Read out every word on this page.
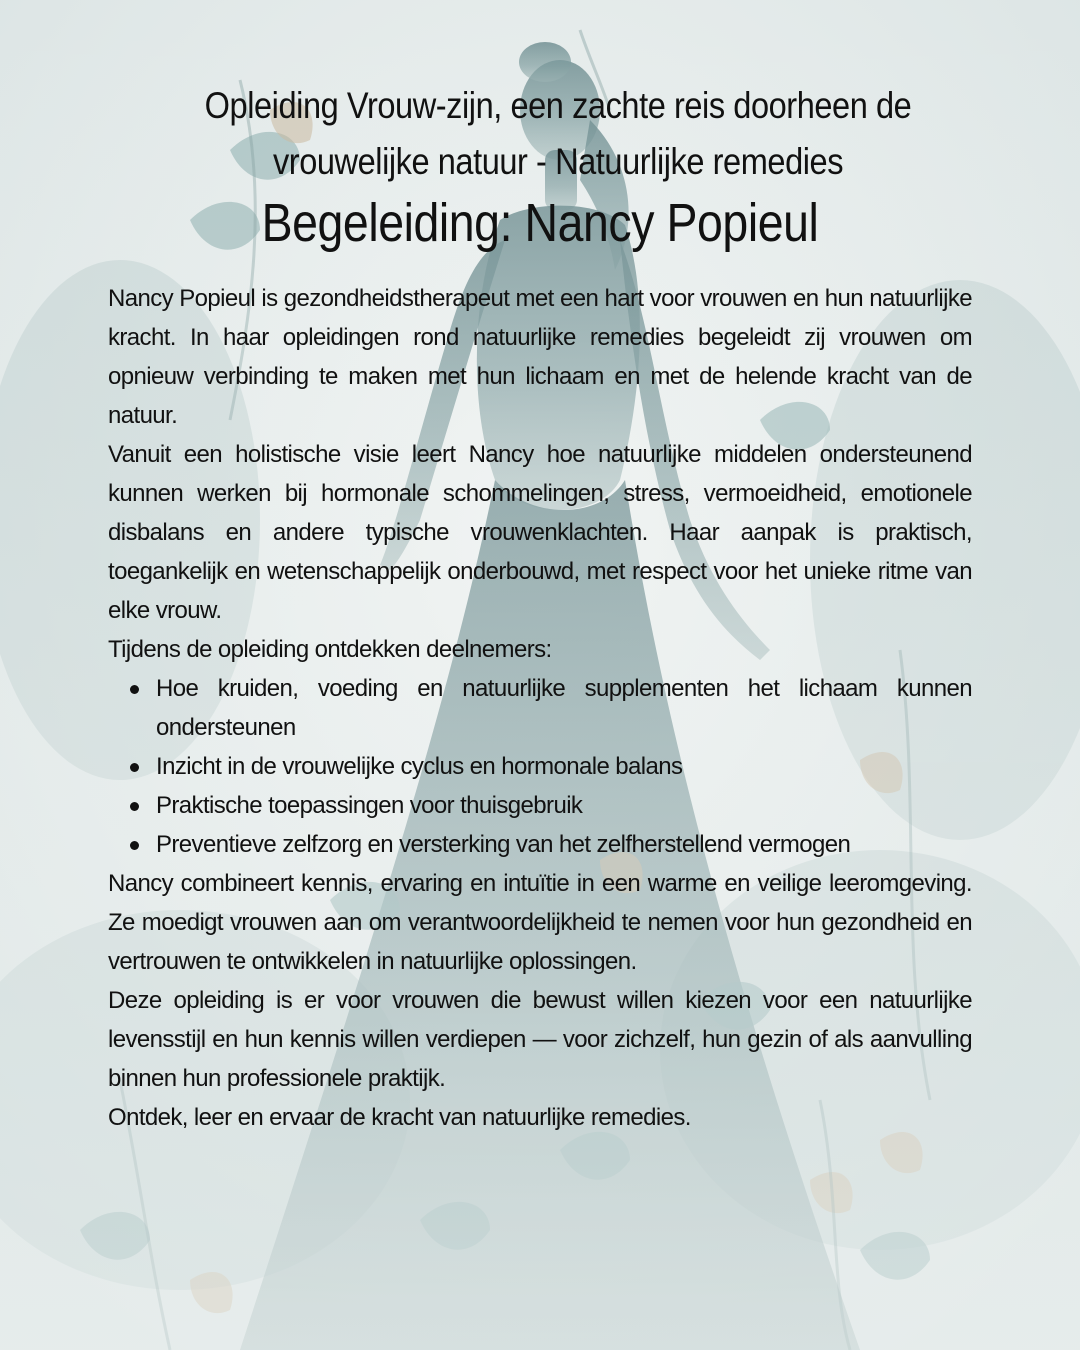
Opleiding Vrouw-zijn, een zachte reis doorheen de vrouwelijke natuur - Natuurlijke remedies
Begeleiding: Nancy Popieul

Nancy Popieul is gezondheidstherapeut met een hart voor vrouwen en hun natuurlijke kracht. In haar opleidingen rond natuurlijke remedies begeleidt zij vrouwen om opnieuw verbinding te maken met hun lichaam en met de helende kracht van de natuur.

Vanuit een holistische visie leert Nancy hoe natuurlijke middelen ondersteunend kunnen werken bij hormonale schommelingen, stress, vermoeidheid, emotionele disbalans en andere typische vrouwenklachten. Haar aanpak is praktisch, toegankelijk en wetenschappelijk onderbouwd, met respect voor het unieke ritme van elke vrouw.

Tijdens de opleiding ontdekken deelnemers:

Hoe kruiden, voeding en natuurlijke supplementen het lichaam kunnen ondersteunen
Inzicht in de vrouwelijke cyclus en hormonale balans
Praktische toepassingen voor thuisgebruik
Preventieve zelfzorg en versterking van het zelfherstellend vermogen

Nancy combineert kennis, ervaring en intuïtie in een warme en veilige leeromgeving. Ze moedigt vrouwen aan om verantwoordelijkheid te nemen voor hun gezondheid en vertrouwen te ontwikkelen in natuurlijke oplossingen.

Deze opleiding is er voor vrouwen die bewust willen kiezen voor een natuurlijke levensstijl en hun kennis willen verdiepen — voor zichzelf, hun gezin of als aanvulling binnen hun professionele praktijk.

Ontdek, leer en ervaar de kracht van natuurlijke remedies.
